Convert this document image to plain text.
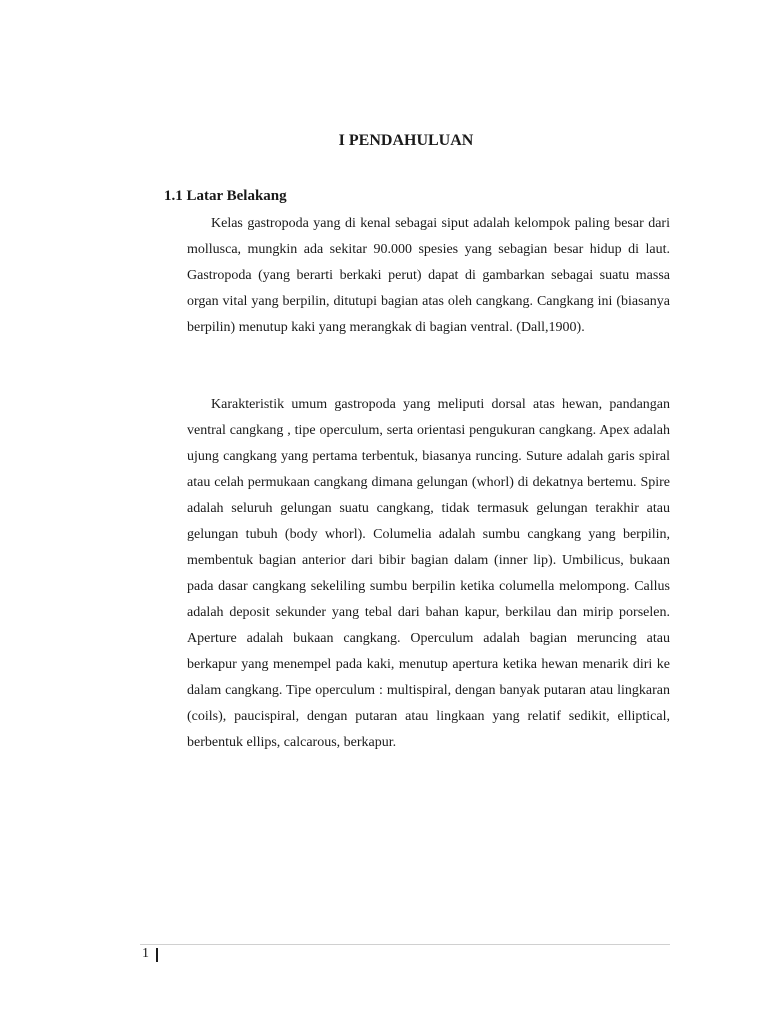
I PENDAHULUAN
1.1 Latar Belakang

Kelas gastropoda yang di kenal sebagai siput adalah kelompok paling besar dari mollusca, mungkin ada sekitar 90.000 spesies yang sebagian besar hidup di laut. Gastropoda (yang berarti berkaki perut) dapat di gambarkan sebagai suatu massa organ vital yang berpilin, ditutupi bagian atas oleh cangkang. Cangkang ini (biasanya berpilin) menutup kaki yang merangkak di bagian ventral. (Dall,1900).

Karakteristik umum gastropoda yang meliputi dorsal atas hewan, pandangan ventral cangkang , tipe operculum, serta orientasi pengukuran cangkang. Apex adalah ujung cangkang yang pertama terbentuk, biasanya runcing. Suture adalah garis spiral atau celah permukaan cangkang dimana gelungan (whorl) di dekatnya bertemu. Spire adalah seluruh gelungan suatu cangkang, tidak termasuk gelungan terakhir atau gelungan tubuh (body whorl). Columelia adalah sumbu cangkang yang berpilin, membentuk bagian anterior dari bibir bagian dalam (inner lip). Umbilicus, bukaan pada dasar cangkang sekeliling sumbu berpilin ketika columella melompong. Callus adalah deposit sekunder yang tebal dari bahan kapur, berkilau dan mirip porselen. Aperture adalah bukaan cangkang. Operculum adalah bagian meruncing atau berkapur yang menempel pada kaki, menutup apertura ketika hewan menarik diri ke dalam cangkang. Tipe operculum : multispiral, dengan banyak putaran atau lingkaran (coils), paucispiral, dengan putaran atau lingkaan yang relatif sedikit, elliptical, berbentuk ellips, calcarous, berkapur.

1
